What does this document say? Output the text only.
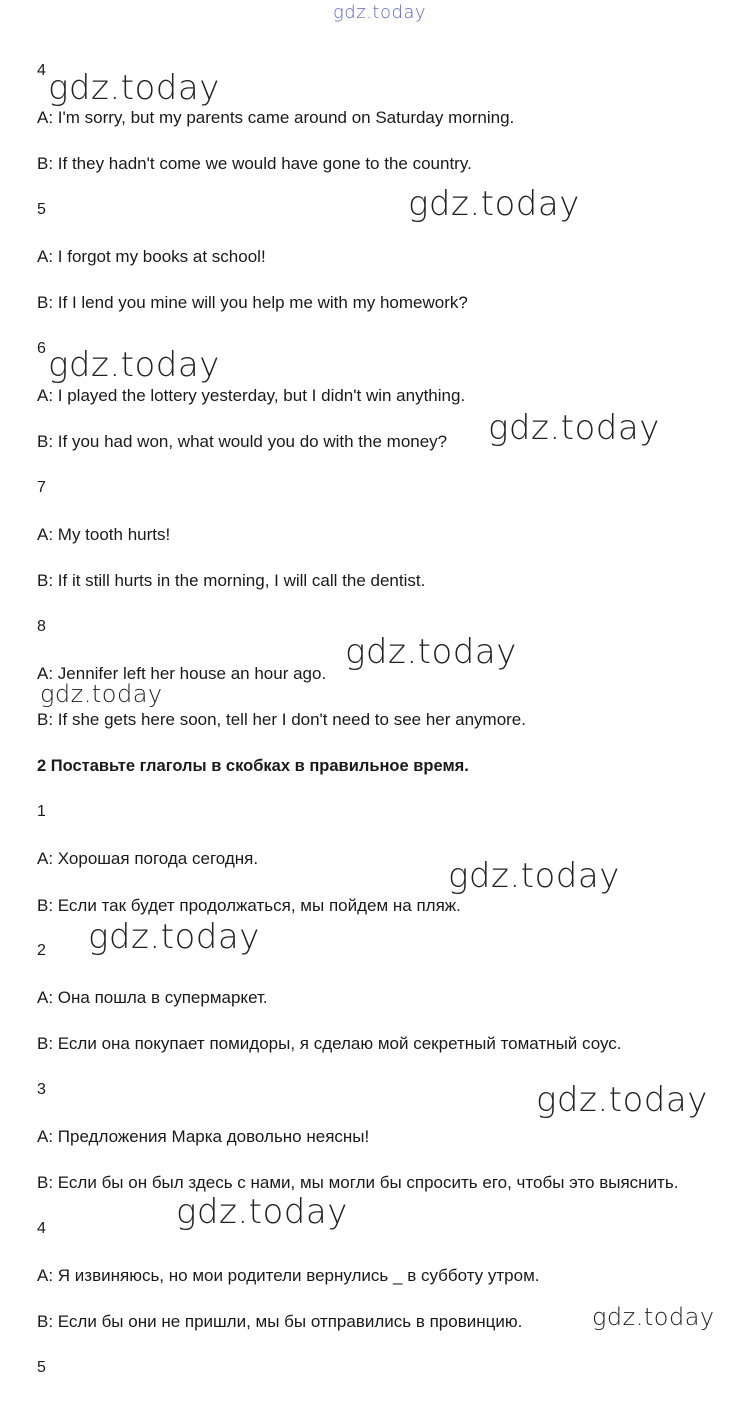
gdz.today
4
A: I'm sorry, but my parents came around on Saturday morning.
B: If they hadn't come we would have gone to the country.
5
A: I forgot my books at school!
B: If I lend you mine will you help me with my homework?
6
A: I played the lottery yesterday, but I didn't win anything.
B: If you had won, what would you do with the money?
7
A: My tooth hurts!
B: If it still hurts in the morning, I will call the dentist.
8
A: Jennifer left her house an hour ago.
B: If she gets here soon, tell her I don't need to see her anymore.
2 Поставьте глаголы в скобках в правильное время.
1
A: Хорошая погода сегодня.
B: Если так будет продолжаться, мы пойдем на пляж.
2
A: Она пошла в супермаркет.
B: Если она покупает помидоры, я сделаю мой секретный томатный соус.
3
A: Предложения Марка довольно неясны!
B: Если бы он был здесь с нами, мы могли бы спросить его, чтобы это выяснить.
4
A: Я извиняюсь, но мои родители вернулись _ в субботу утром.
B: Если бы они не пришли, мы бы отправились в провинцию.
5
gdz.today
gdz.today
gdz.today
gdz.today
gdz.today
gdz.today
gdz.today
gdz.today
gdz.today
gdz.today
gdz.today
